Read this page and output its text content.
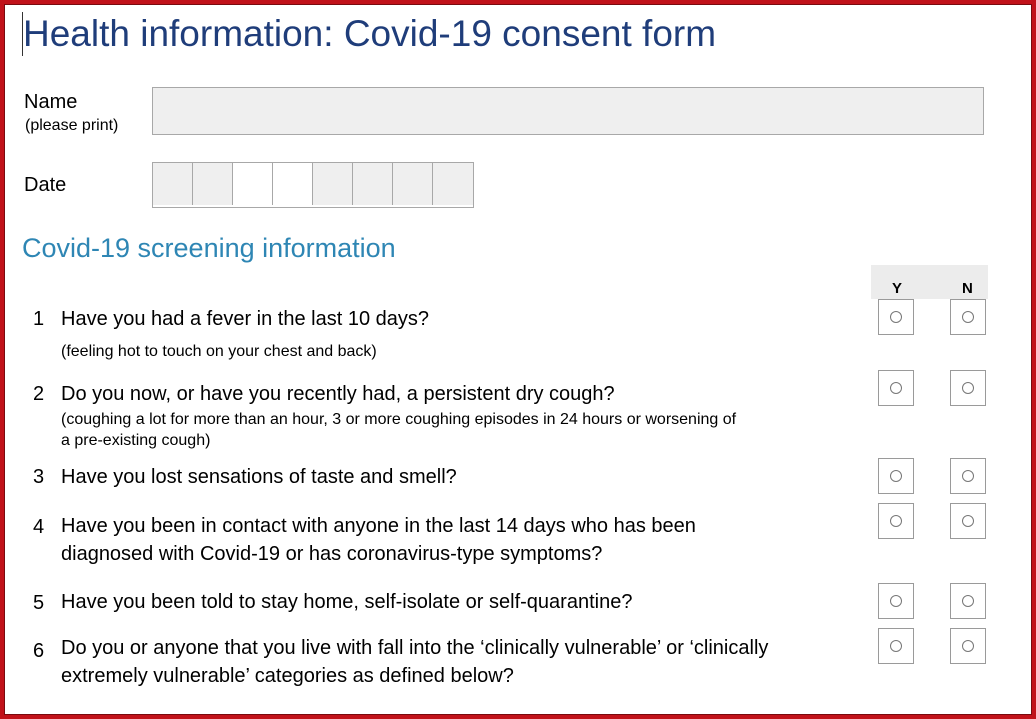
Health information: Covid-19 consent form
Name
(please print)
Date
Covid-19 screening information
Y	N
1 Have you had a fever in the last 10 days?
(feeling hot to touch on your chest and back)
2 Do you now, or have you recently had, a persistent dry cough?
(coughing a lot for more than an hour, 3 or more coughing episodes in 24 hours or worsening of a pre-existing cough)
3 Have you lost sensations of taste and smell?
4 Have you been in contact with anyone in the last 14 days who has been diagnosed with Covid-19 or has coronavirus-type symptoms?
5 Have you been told to stay home, self-isolate or self-quarantine?
6 Do you or anyone that you live with fall into the ‘clinically vulnerable’ or ‘clinically extremely vulnerable’ categories as defined below?
